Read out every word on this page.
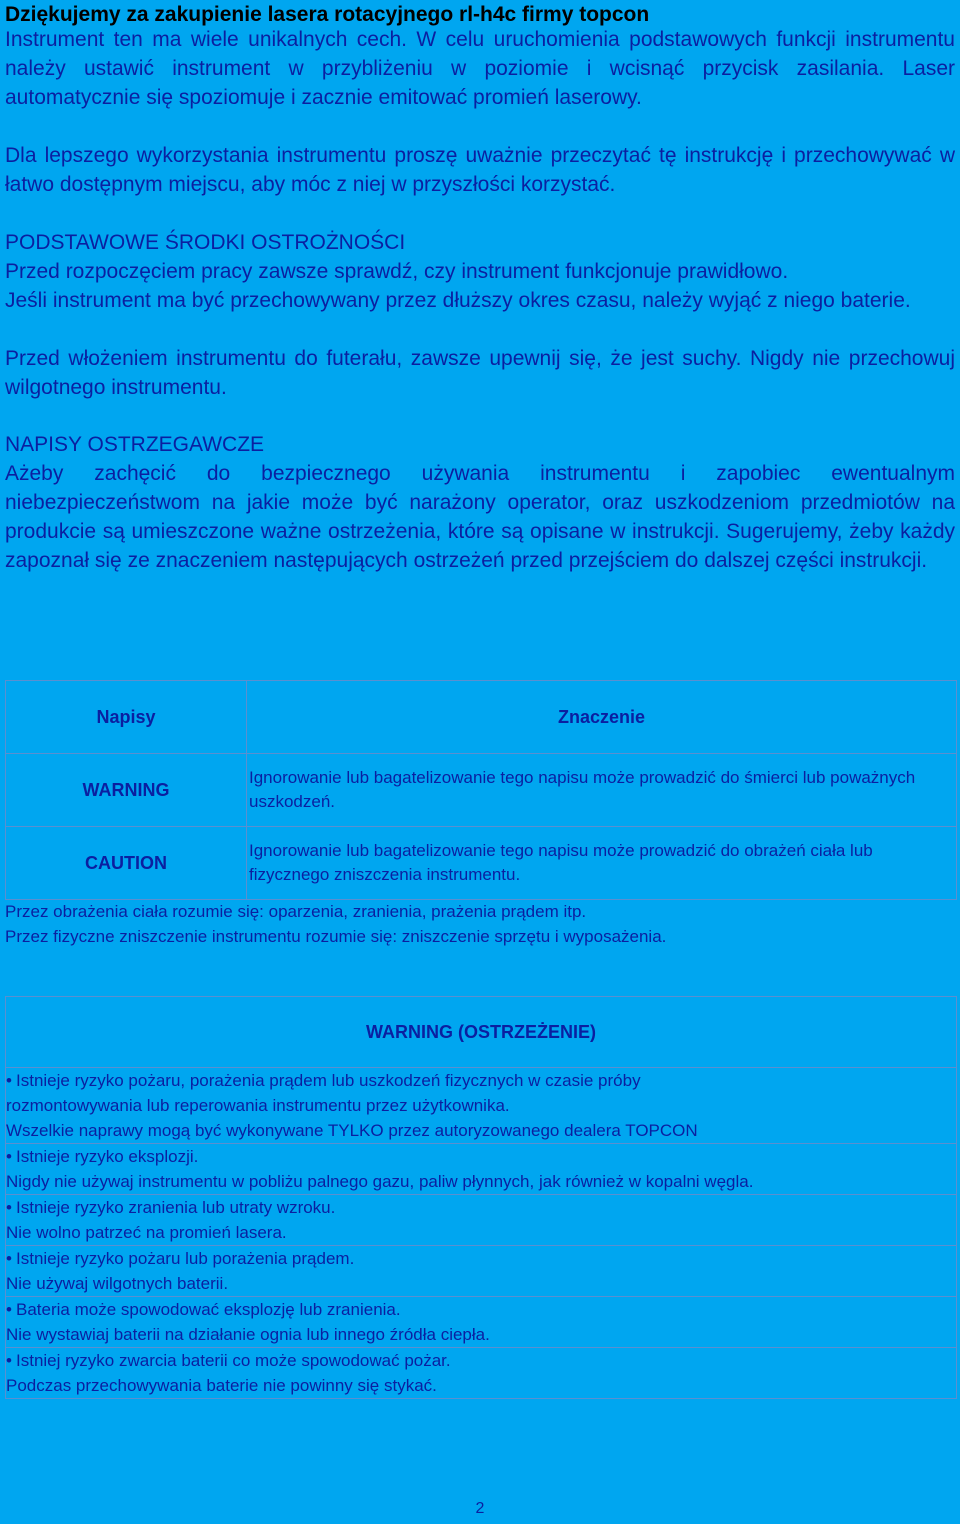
Dziękujemy za zakupienie lasera rotacyjnego rl-h4c firmy topcon

Instrument ten ma wiele unikalnych cech. W celu uruchomienia podstawowych funkcji instrumentu należy ustawić instrument w przybliżeniu w poziomie i wcisnąć przycisk zasilania. Laser automatycznie się spoziomuje i zacznie emitować promień laserowy.

Dla lepszego wykorzystania instrumentu proszę uważnie przeczytać tę instrukcję i przechowywać w łatwo dostępnym miejscu, aby móc z niej w przyszłości korzystać.

PODSTAWOWE ŚRODKI OSTROŻNOŚCI

Przed rozpoczęciem pracy zawsze sprawdź, czy instrument funkcjonuje prawidłowo.

Jeśli instrument ma być przechowywany przez dłuższy okres czasu, należy wyjąć z niego baterie.

Przed włożeniem instrumentu do futerału, zawsze upewnij się, że jest suchy. Nigdy nie przechowuj wilgotnego instrumentu.

NAPISY OSTRZEGAWCZE

Ażeby zachęcić do bezpiecznego używania instrumentu i zapobiec ewentualnym niebezpieczeństwom na jakie może być narażony operator, oraz uszkodzeniom przedmiotów na produkcie są umieszczone ważne ostrzeżenia, które są opisane w instrukcji. Sugerujemy, żeby każdy zapoznał się ze znaczeniem następujących ostrzeżeń przed przejściem do dalszej części instrukcji.

Napisy	Znaczenie
WARNING	Ignorowanie lub bagatelizowanie tego napisu może prowadzić do śmierci lub poważnych uszkodzeń.
CAUTION	Ignorowanie lub bagatelizowanie tego napisu może prowadzić do obrażeń ciała lub fizycznego zniszczenia instrumentu.

Przez obrażenia ciała rozumie się: oparzenia, zranienia, prażenia prądem itp.

Przez fizyczne zniszczenie instrumentu rozumie się: zniszczenie sprzętu i wyposażenia.

WARNING (OSTRZEŻENIE)
• Istnieje ryzyko pożaru, porażenia prądem lub uszkodzeń fizycznych w czasie próby
rozmontowywania lub reperowania instrumentu przez użytkownika.
Wszelkie naprawy mogą być wykonywane TYLKO przez autoryzowanego dealera TOPCON
• Istnieje ryzyko eksplozji.
Nigdy nie używaj instrumentu w pobliżu palnego gazu, paliw płynnych, jak również w kopalni węgla.
• Istnieje ryzyko zranienia lub utraty wzroku.
Nie wolno patrzeć na promień lasera.
• Istnieje ryzyko pożaru lub porażenia prądem.
Nie używaj wilgotnych baterii.
• Bateria może spowodować eksplozję lub zranienia.
Nie wystawiaj baterii na działanie ognia lub innego źródła ciepła.
• Istniej ryzyko zwarcia baterii co może spowodować pożar.
Podczas przechowywania baterie nie powinny się stykać.
2
